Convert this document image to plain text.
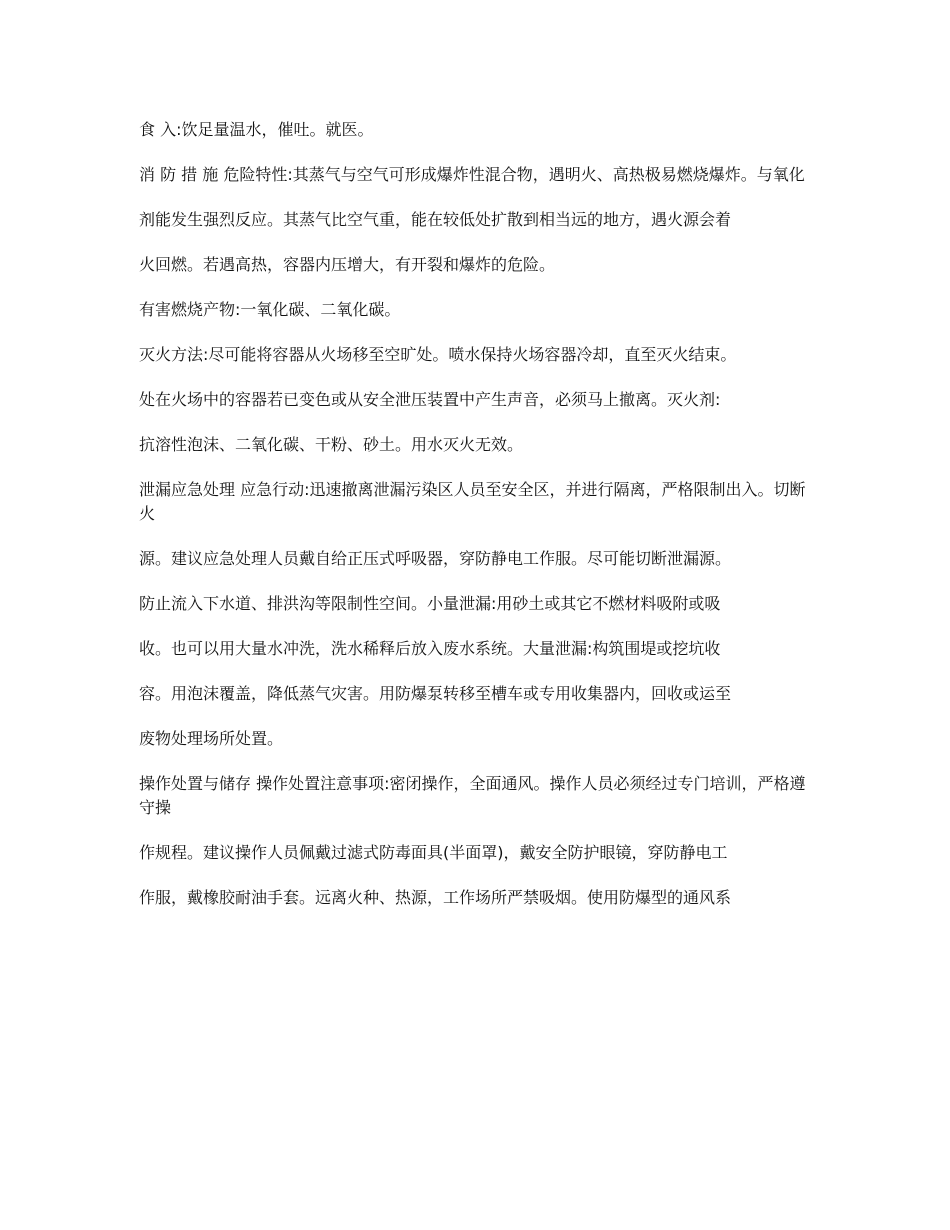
食 入:饮足量温水，催吐。就医。

消 防 措 施 危险特性:其蒸气与空气可形成爆炸性混合物，遇明火、高热极易燃烧爆炸。与氧化

剂能发生强烈反应。其蒸气比空气重，能在较低处扩散到相当远的地方，遇火源会着

火回燃。若遇高热，容器内压增大，有开裂和爆炸的危险。

有害燃烧产物:一氧化碳、二氧化碳。

灭火方法:尽可能将容器从火场移至空旷处。喷水保持火场容器冷却，直至灭火结束。

处在火场中的容器若已变色或从安全泄压装置中产生声音，必须马上撤离。灭火剂:

抗溶性泡沫、二氧化碳、干粉、砂土。用水灭火无效。

泄漏应急处理 应急行动:迅速撤离泄漏污染区人员至安全区，并进行隔离，严格限制出入。切断火

源。建议应急处理人员戴自给正压式呼吸器，穿防静电工作服。尽可能切断泄漏源。

防止流入下水道、排洪沟等限制性空间。小量泄漏:用砂土或其它不燃材料吸附或吸

收。也可以用大量水冲洗，洗水稀释后放入废水系统。大量泄漏:构筑围堤或挖坑收

容。用泡沫覆盖，降低蒸气灾害。用防爆泵转移至槽车或专用收集器内，回收或运至

废物处理场所处置。

操作处置与储存 操作处置注意事项:密闭操作，全面通风。操作人员必须经过专门培训，严格遵守操

作规程。建议操作人员佩戴过滤式防毒面具(半面罩)，戴安全防护眼镜，穿防静电工

作服，戴橡胶耐油手套。远离火种、热源，工作场所严禁吸烟。使用防爆型的通风系
